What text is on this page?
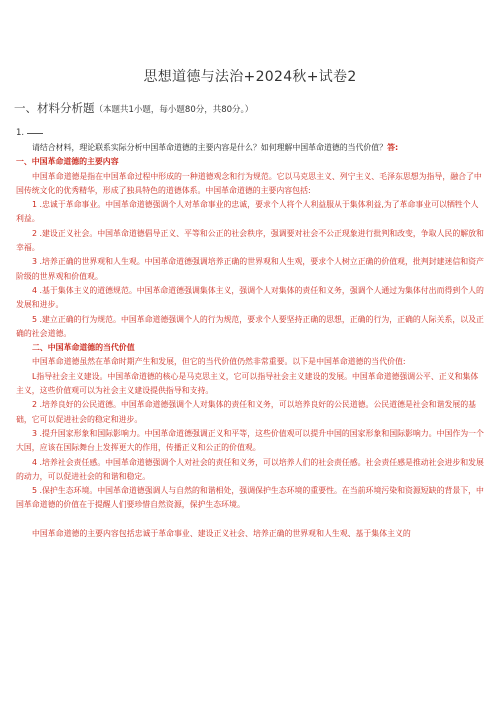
思想道德与法治+2024秋+试卷2
一、材料分析题（本题共1小题，每小题80分，共80分。）
1.

请结合材料，理论联系实际分析中国革命道德的主要内容是什么？如何理解中国革命道德的当代价值？答:

一、中国革命道德的主要内容

中国革命道德是指在中国革命过程中形成的一种道德观念和行为规范。它以马克思主义、列宁主义、毛泽东思想为指导，融合了中国传统文化的优秀精华，形成了独具特色的道德体系。中国革命道德的主要内容包括:

1 .忠诚于革命事业。中国革命道德强调个人对革命事业的忠诚，要求个人将个人利益服从于集体利益,为了革命事业可以牺牲个人利益。

2 .建设正义社会。中国革命道德倡导正义、平等和公正的社会秩序，强调要对社会不公正现象进行批判和改变，争取人民的解放和幸福。

3 .培养正确的世界观和人生观。中国革命道德强调培养正确的世界观和人生观，要求个人树立正确的价值观，批判封建迷信和资产阶级的世界观和价值观。

4 .基于集体主义的道德规范。中国革命道德强调集体主义，强调个人对集体的责任和义务，强调个人通过为集体付出而得到个人的发展和进步。

5 .建立正确的行为规范。中国革命道德强调个人的行为规范，要求个人要坚持正确的思想，正确的行为，正确的人际关系，以及正确的社会道德。

二、中国革命道德的当代价值

中国革命道德虽然在革命时期产生和发展，但它的当代价值仍然非常重要。以下是中国革命道德的当代价值:

L指导社会主义建设。中国革命道德的核心是马克思主义，它可以指导社会主义建设的发展。中国革命道德强调公平、正义和集体主义，这些价值观可以为社会主义建设提供指导和支持。

2 .培养良好的公民道德。中国革命道德强调个人对集体的责任和义务，可以培养良好的公民道德。公民道德是社会和谐发展的基础，它可以促进社会的稳定和进步。

3 .提升国家形象和国际影响力。中国革命道德强调正义和平等，这些价值观可以提升中国的国家形象和国际影响力。中国作为一个大国，应该在国际舞台上发挥更大的作用，传播正义和公正的价值观。

4 .培养社会责任感。中国革命道德强调个人对社会的责任和义务，可以培养人们的社会责任感。社会责任感是推动社会进步和发展的动力，可以促进社会的和谐和稳定。

5 .保护生态环境。中国革命道德强调人与自然的和谐相处，强调保护生态环境的重要性。在当前环境污染和资源短缺的背景下，中国革命道德的价值在于提醒人们要珍惜自然资源，保护生态环境。

中国革命道德的主要内容包括忠诚于革命事业、建设正义社会、培养正确的世界观和人生观、基于集体主义的
